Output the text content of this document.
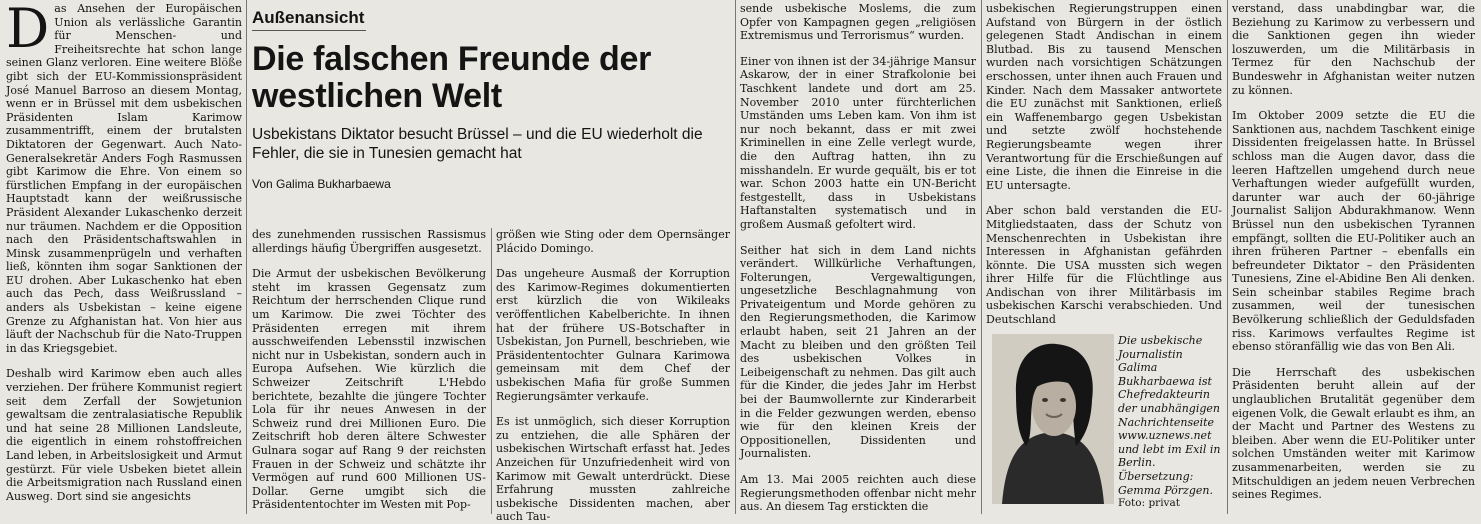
Das Ansehen der Europäischen Union als verlässliche Garantin für Menschen- und Freiheitsrechte hat schon lange seinen Glanz verloren. Eine weitere Blöße gibt sich der EU-Kommissionspräsident José Manuel Barroso an diesem Montag, wenn er in Brüssel mit dem usbekischen Präsidenten Islam Karimow zusammentrifft, einem der brutalsten Diktatoren der Gegenwart. Auch Nato-Generalsekretär Anders Fogh Rasmussen gibt Karimow die Ehre. Von einem so fürstlichen Empfang in der europäischen Hauptstadt kann der weißrussische Präsident Alexander Lukaschenko derzeit nur träumen. Nachdem er die Opposition nach den Präsidentschaftswahlen in Minsk zusammenprügeln und verhaften ließ, könnten ihm sogar Sanktionen der EU drohen. Aber Lukaschenko hat eben auch das Pech, dass Weißrussland – anders als Usbekistan – keine eigene Grenze zu Afghanistan hat. Von hier aus läuft der Nachschub für die Nato-Truppen in das Kriegsgebiet.

Deshalb wird Karimow eben auch alles verziehen. Der frühere Kommunist regiert seit dem Zerfall der Sowjetunion gewaltsam die zentralasiatische Republik und hat seine 28 Millionen Landsleute, die eigentlich in einem rohstoffreichen Land leben, in Arbeitslosigkeit und Armut gestürzt. Für viele Usbeken bietet allein die Arbeitsmigration nach Russland einen Ausweg. Dort sind sie angesichts

Außenansicht
Die falschen Freunde der westlichen Welt
Usbekistans Diktator besucht Brüssel – und die EU wiederholt die Fehler, die sie in Tunesien gemacht hat
Von Galima Bukharbaewa

des zunehmenden russischen Rassismus allerdings häufig Übergriffen ausgesetzt.

Die Armut der usbekischen Bevölkerung steht im krassen Gegensatz zum Reichtum der herrschenden Clique rund um Karimow. Die zwei Töchter des Präsidenten erregen mit ihrem ausschweifenden Lebensstil inzwischen nicht nur in Usbekistan, sondern auch in Europa Aufsehen. Wie kürzlich die Schweizer Zeitschrift L'Hebdo berichtete, bezahlte die jüngere Tochter Lola für ihr neues Anwesen in der Schweiz rund drei Millionen Euro. Die Zeitschrift hob deren ältere Schwester Gulnara sogar auf Rang 9 der reichsten Frauen in der Schweiz und schätzte ihr Vermögen auf rund 600 Millionen US-Dollar. Gerne umgibt sich die Präsidententochter im Westen mit Pop-

größen wie Sting oder dem Opernsänger Plácido Domingo.

Das ungeheure Ausmaß der Korruption des Karimow-Regimes dokumentierten erst kürzlich die von Wikileaks veröffentlichen Kabelberichte. In ihnen hat der frühere US-Botschafter in Usbekistan, Jon Purnell, beschrieben, wie Präsidententochter Gulnara Karimowa gemeinsam mit dem Chef der usbekischen Mafia für große Summen Regierungsämter verkaufe.

Es ist unmöglich, sich dieser Korruption zu entziehen, die alle Sphären der usbekischen Wirtschaft erfasst hat. Jedes Anzeichen für Unzufriedenheit wird von Karimow mit Gewalt unterdrückt. Diese Erfahrung mussten zahlreiche usbekische Dissidenten machen, aber auch Tau-

sende usbekische Moslems, die zum Opfer von Kampagnen gegen „religiösen Extremismus und Terrorismus“ wurden.

Einer von ihnen ist der 34-jährige Mansur Askarow, der in einer Strafkolonie bei Taschkent landete und dort am 25. November 2010 unter fürchterlichen Umständen ums Leben kam. Von ihm ist nur noch bekannt, dass er mit zwei Kriminellen in eine Zelle verlegt wurde, die den Auftrag hatten, ihn zu misshandeln. Er wurde gequält, bis er tot war. Schon 2003 hatte ein UN-Bericht festgestellt, dass in Usbekistans Haftanstalten systematisch und in großem Ausmaß gefoltert wird.

Seither hat sich in dem Land nichts verändert. Willkürliche Verhaftungen, Folterungen, Vergewaltigungen, ungesetzliche Beschlagnahmung von Privateigentum und Morde gehören zu den Regierungsmethoden, die Karimow erlaubt haben, seit 21 Jahren an der Macht zu bleiben und den größten Teil des usbekischen Volkes in Leibeigenschaft zu nehmen. Das gilt auch für die Kinder, die jedes Jahr im Herbst bei der Baumwollernte zur Kinderarbeit in die Felder gezwungen werden, ebenso wie für den kleinen Kreis der Oppositionellen, Dissidenten und Journalisten.

Am 13. Mai 2005 reichten auch diese Regierungsmethoden offenbar nicht mehr aus. An diesem Tag erstickten die

usbekischen Regierungstruppen einen Aufstand von Bürgern in der östlich gelegenen Stadt Andischan in einem Blutbad. Bis zu tausend Menschen wurden nach vorsichtigen Schätzungen erschossen, unter ihnen auch Frauen und Kinder. Nach dem Massaker antwortete die EU zunächst mit Sanktionen, erließ ein Waffenembargo gegen Usbekistan und setzte zwölf hochstehende Regierungsbeamte wegen ihrer Verantwortung für die Erschießungen auf eine Liste, die ihnen die Einreise in die EU untersagte.

Aber schon bald verstanden die EU-Mitgliedstaaten, dass der Schutz von Menschenrechten in Usbekistan ihre Interessen in Afghanistan gefährden könnte. Die USA mussten sich wegen ihrer Hilfe für die Flüchtlinge aus Andischan von ihrer Militärbasis im usbekischen Karschi verabschieden. Und Deutschland

Die usbekische Journalistin Galima Bukharbaewa ist Chefredakteurin der unabhängigen Nachrichtenseite www.uznews.net und lebt im Exil in Berlin. Übersetzung: Gemma Pörzgen.
Foto: privat

verstand, dass unabdingbar war, die Beziehung zu Karimow zu verbessern und die Sanktionen gegen ihn wieder loszuwerden, um die Militärbasis in Termez für den Nachschub der Bundeswehr in Afghanistan weiter nutzen zu können.

Im Oktober 2009 setzte die EU die Sanktionen aus, nachdem Taschkent einige Dissidenten freigelassen hatte. In Brüssel schloss man die Augen davor, dass die leeren Haftzellen umgehend durch neue Verhaftungen wieder aufgefüllt wurden, darunter war auch der 60-jährige Journalist Salijon Abdurakhmanow. Wenn Brüssel nun den usbekischen Tyrannen empfängt, sollten die EU-Politiker auch an ihren früheren Partner – ebenfalls ein befreundeter Diktator – den Präsidenten Tunesiens, Zine el-Abidine Ben Ali denken. Sein scheinbar stabiles Regime brach zusammen, weil der tunesischen Bevölkerung schließlich der Geduldsfaden riss. Karimows verfaultes Regime ist ebenso störanfällig wie das von Ben Ali.

Die Herrschaft des usbekischen Präsidenten beruht allein auf der unglaublichen Brutalität gegenüber dem eigenen Volk, die Gewalt erlaubt es ihm, an der Macht und Partner des Westens zu bleiben. Aber wenn die EU-Politiker unter solchen Umständen weiter mit Karimow zusammenarbeiten, werden sie zu Mitschuldigen an jedem neuen Verbrechen seines Regimes.
